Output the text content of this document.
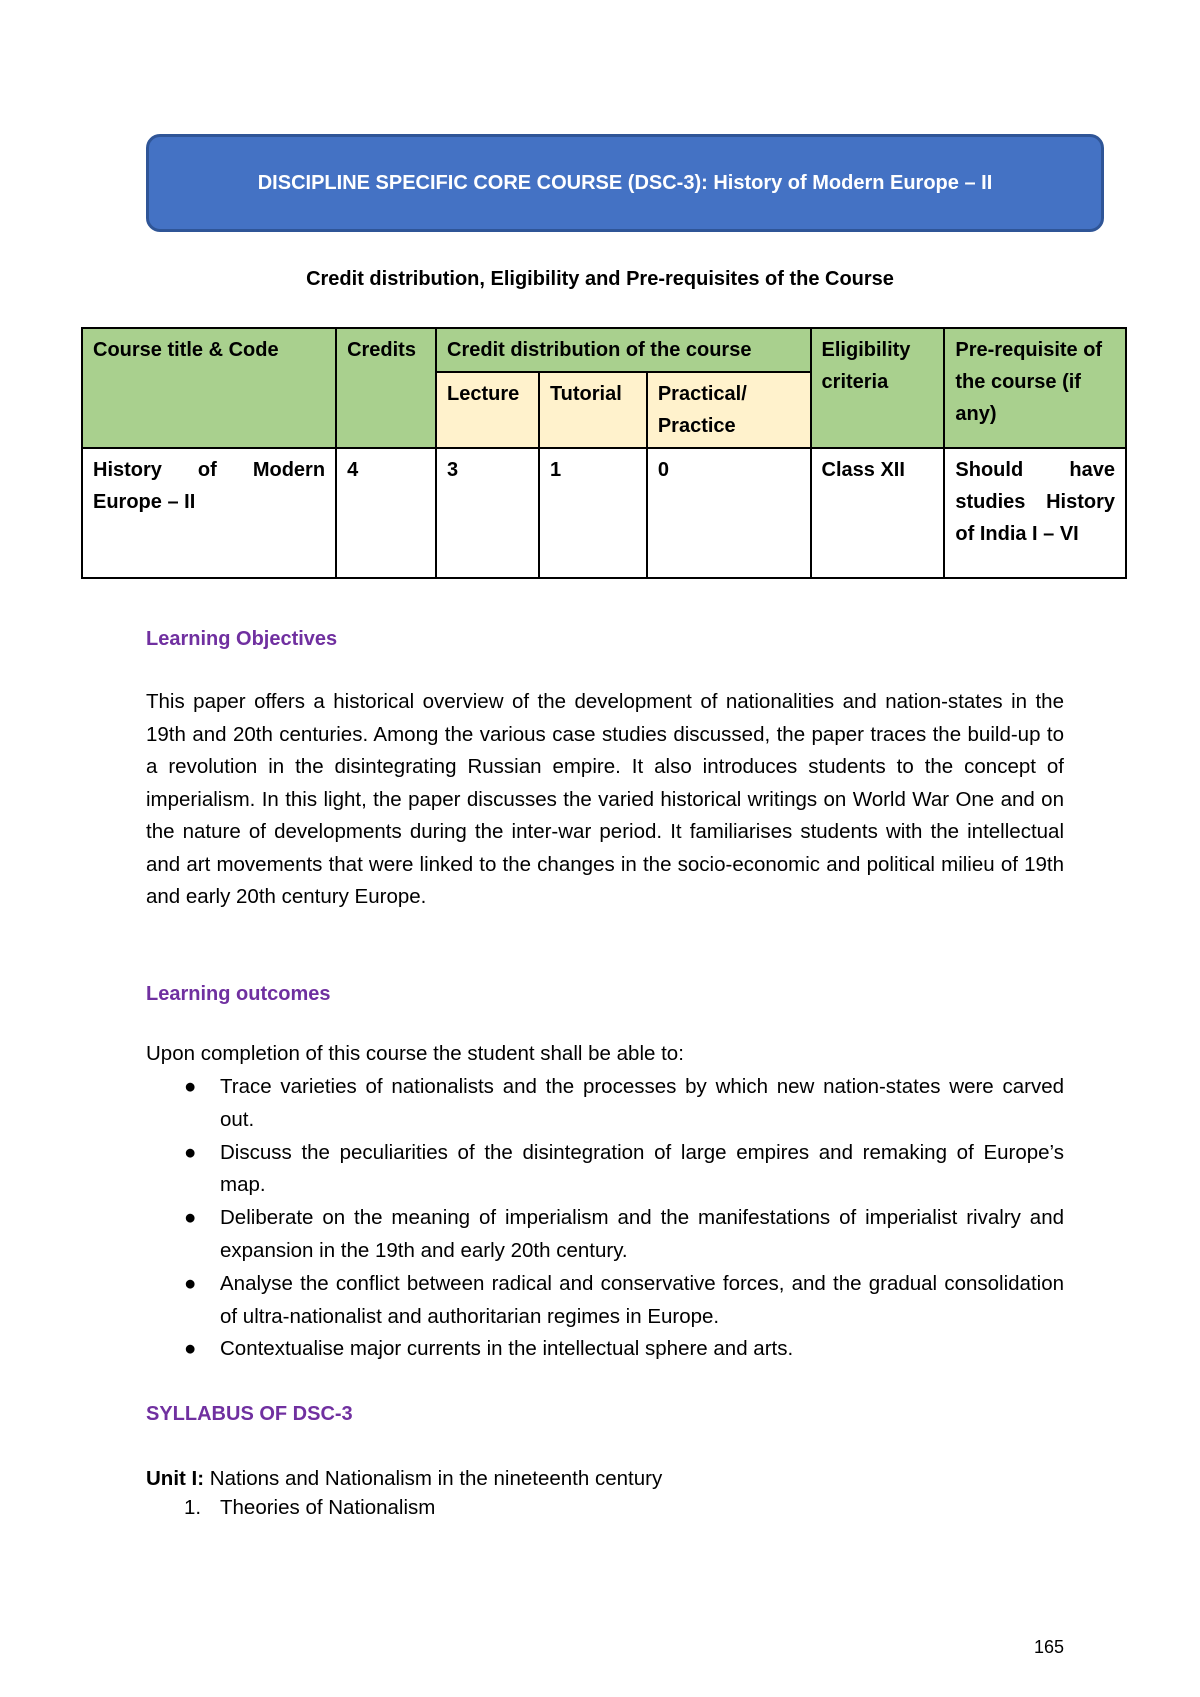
DISCIPLINE SPECIFIC CORE COURSE (DSC-3): History of Modern Europe – II
Credit distribution, Eligibility and Pre-requisites of the Course
Course title & Code	Credits	Credit distribution of the course			Eligibility criteria	Pre-requisite of the course (if any)
		Lecture	Tutorial	Practical/ Practice		
History of Modern Europe – II	4	3	1	0	Class XII	Should have studies History of India I – VI
Learning Objectives
This paper offers a historical overview of the development of nationalities and nation-states in the 19th and 20th centuries. Among the various case studies discussed, the paper traces the build-up to a revolution in the disintegrating Russian empire. It also introduces students to the concept of imperialism. In this light, the paper discusses the varied historical writings on World War One and on the nature of developments during the inter-war period. It familiarises students with the intellectual and art movements that were linked to the changes in the socio-economic and political milieu of 19th and early 20th century Europe.
Learning outcomes
Upon completion of this course the student shall be able to:
● Trace varieties of nationalists and the processes by which new nation-states were carved out.
● Discuss the peculiarities of the disintegration of large empires and remaking of Europe’s map.
● Deliberate on the meaning of imperialism and the manifestations of imperialist rivalry and expansion in the 19th and early 20th century.
● Analyse the conflict between radical and conservative forces, and the gradual consolidation of ultra-nationalist and authoritarian regimes in Europe.
● Contextualise major currents in the intellectual sphere and arts.
SYLLABUS OF DSC-3
Unit I: Nations and Nationalism in the nineteenth century
1. Theories of Nationalism
165
